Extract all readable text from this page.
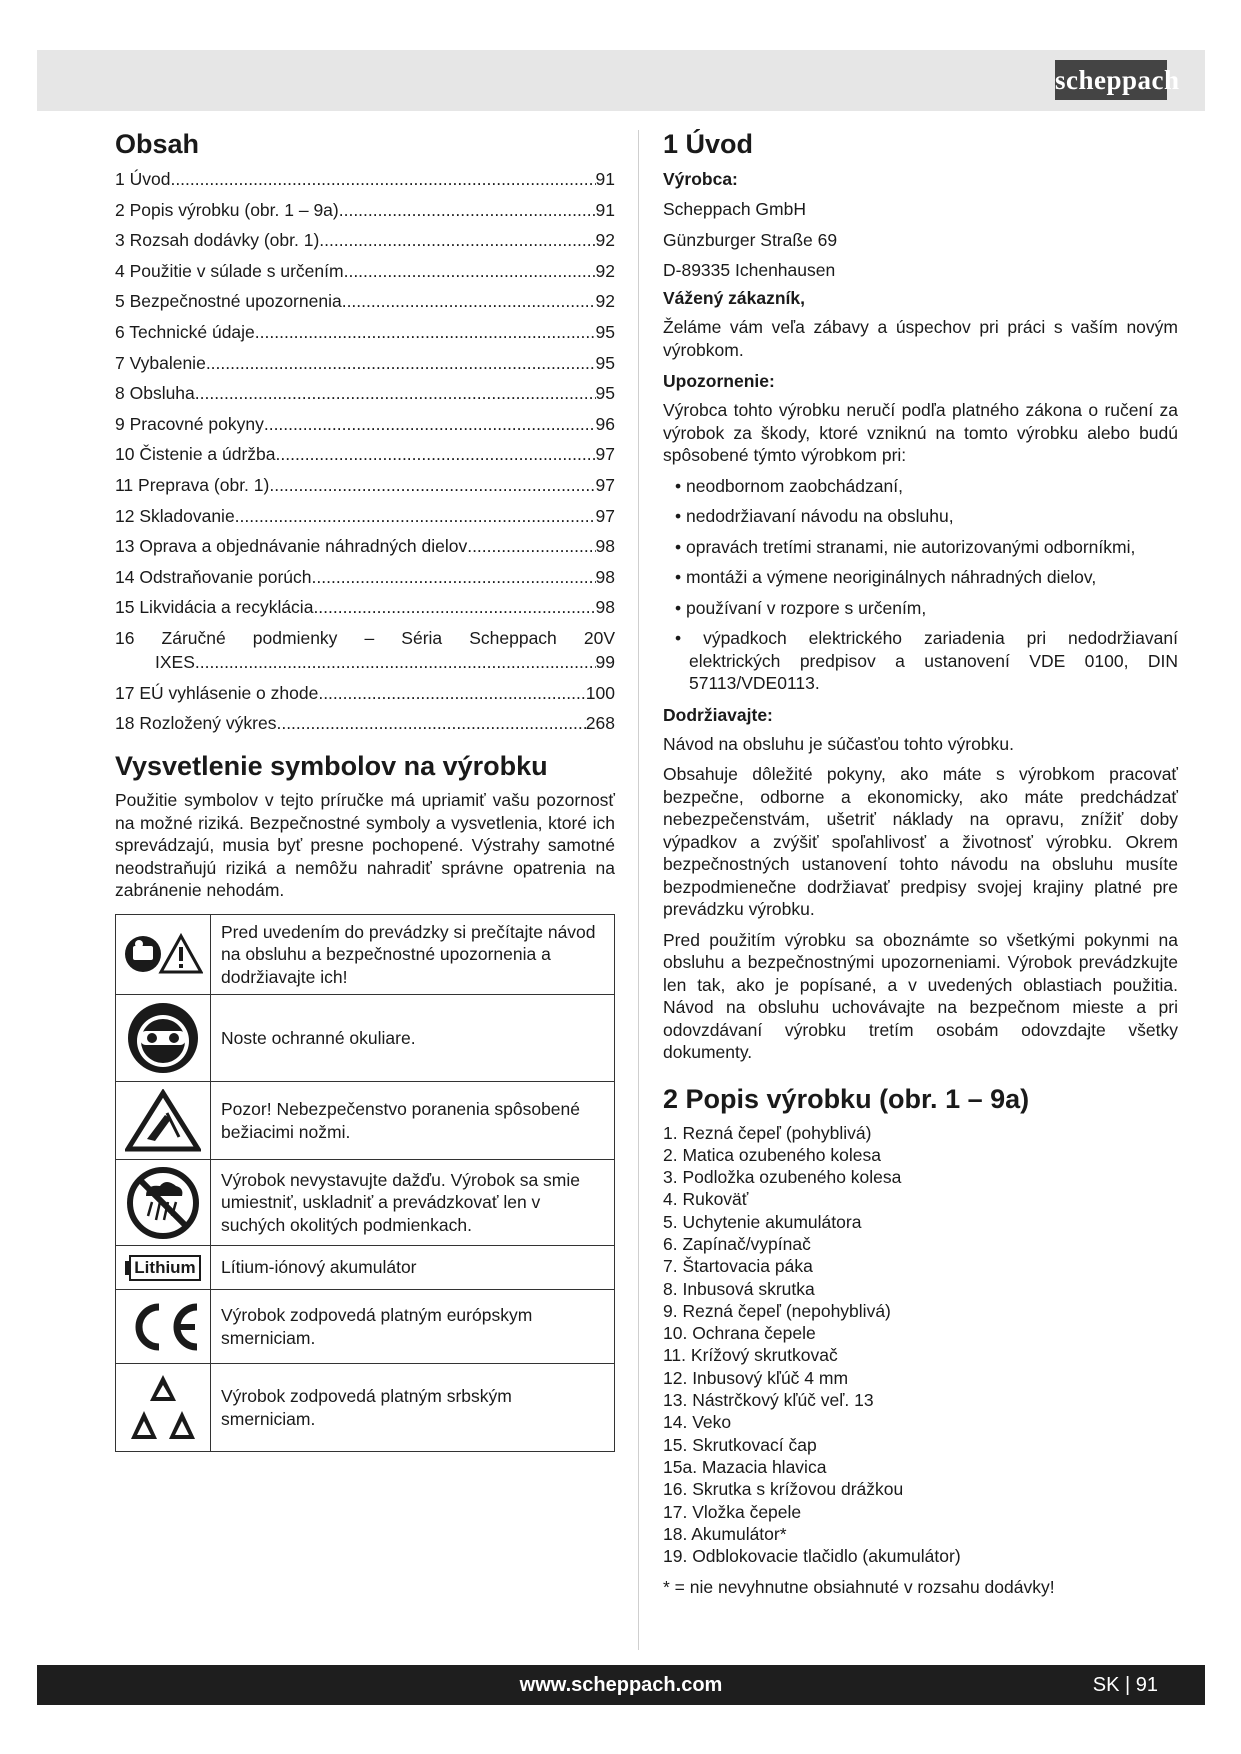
scheppach
Obsah
1 Úvod .....	91
2 Popis výrobku (obr. 1 – 9a) .....	91
3 Rozsah dodávky (obr. 1) .....	92
4 Použitie v súlade s určením .....	92
5 Bezpečnostné upozornenia .....	92
6 Technické údaje .....	95
7 Vybalenie .....	95
8 Obsluha .....	95
9 Pracovné pokyny .....	96
10 Čistenie a údržba .....	97
11 Preprava (obr. 1) .....	97
12 Skladovanie .....	97
13 Oprava a objednávanie náhradných dielov .....	98
14 Odstraňovanie porúch .....	98
15 Likvidácia a recyklácia .....	98
16 Záručné podmienky – Séria Scheppach 20V
IXES .....	99
17 EÚ vyhlásenie o zhode .....	100
18 Rozložený výkres .....	268
Vysvetlenie symbolov na výrobku

Použitie symbolov v tejto príručke má upriamiť vašu pozornosť na možné riziká. Bezpečnostné symboly a vysvetlenia, ktoré ich sprevádzajú, musia byť presne pochopené. Výstrahy samotné neodstraňujú riziká a nemôžu nahradiť správne opatrenia na zabránenie nehodám.

	Pred uvedením do prevádzky si prečítajte návod na obsluhu a bezpečnostné upozornenia a dodržiavajte ich!

	Noste ochranné okuliare.

	Pozor! Nebezpečenstvo poranenia spôsobené bežiacimi nožmi.

	Výrobok nevystavujte dažďu. Výrobok sa smie umiestniť, uskladniť a prevádzkovať len v suchých okolitých podmienkach.

Lithium	Lítium-iónový akumulátor

	Výrobok zodpovedá platným európskym smerniciam.

	Výrobok zodpovedá platným srbským smerniciam.
1 Úvod
Výrobca:
Scheppach GmbH
Günzburger Straße 69
D-89335 Ichenhausen
Vážený zákazník,

Želáme vám veľa zábavy a úspechov pri práci s vaším novým výrobkom.

Upozornenie:

Výrobca tohto výrobku neručí podľa platného zákona o ručení za výrobok za škody, ktoré vzniknú na tomto výrobku alebo budú spôsobené týmto výrobkom pri:

• neodbornom zaobchádzaní,
• nedodržiavaní návodu na obsluhu,
• opravách tretími stranami, nie autorizovanými odborníkmi,
• montáži a výmene neoriginálnych náhradných dielov,
• používaní v rozpore s určením,
• výpadkoch elektrického zariadenia pri nedodržiavaní elektrických predpisov a ustanovení VDE 0100, DIN 57113/VDE0113.
Dodržiavajte:

Návod na obsluhu je súčasťou tohto výrobku.

Obsahuje dôležité pokyny, ako máte s výrobkom pracovať bezpečne, odborne a ekonomicky, ako máte predchádzať nebezpečenstvám, ušetriť náklady na opravu, znížiť doby výpadkov a zvýšiť spoľahlivosť a životnosť výrobku. Okrem bezpečnostných ustanovení tohto návodu na obsluhu musíte bezpodmienečne dodržiavať predpisy svojej krajiny platné pre prevádzku výrobku.

Pred použitím výrobku sa oboznámte so všetkými pokynmi na obsluhu a bezpečnostnými upozorneniami. Výrobok prevádzkujte len tak, ako je popísané, a v uvedených oblastiach použitia. Návod na obsluhu uchovávajte na bezpečnom mieste a pri odovzdávaní výrobku tretím osobám odovzdajte všetky dokumenty.

2 Popis výrobku (obr. 1 – 9a)
1. Rezná čepeľ (pohyblivá)
2. Matica ozubeného kolesa
3. Podložka ozubeného kolesa
4. Rukoväť
5. Uchytenie akumulátora
6. Zapínač/vypínač
7. Štartovacia páka
8. Inbusová skrutka
9. Rezná čepeľ (nepohyblivá)
10. Ochrana čepele
11. Krížový skrutkovač
12. Inbusový kľúč 4 mm
13. Nástrčkový kľúč veľ. 13
14. Veko
15. Skrutkovací čap
15a. Mazacia hlavica
16. Skrutka s krížovou drážkou
17. Vložka čepele
18. Akumulátor*
19. Odblokovacie tlačidlo (akumulátor)
* = nie nevyhnutne obsiahnuté v rozsahu dodávky!
www.scheppach.com	SK | 91
